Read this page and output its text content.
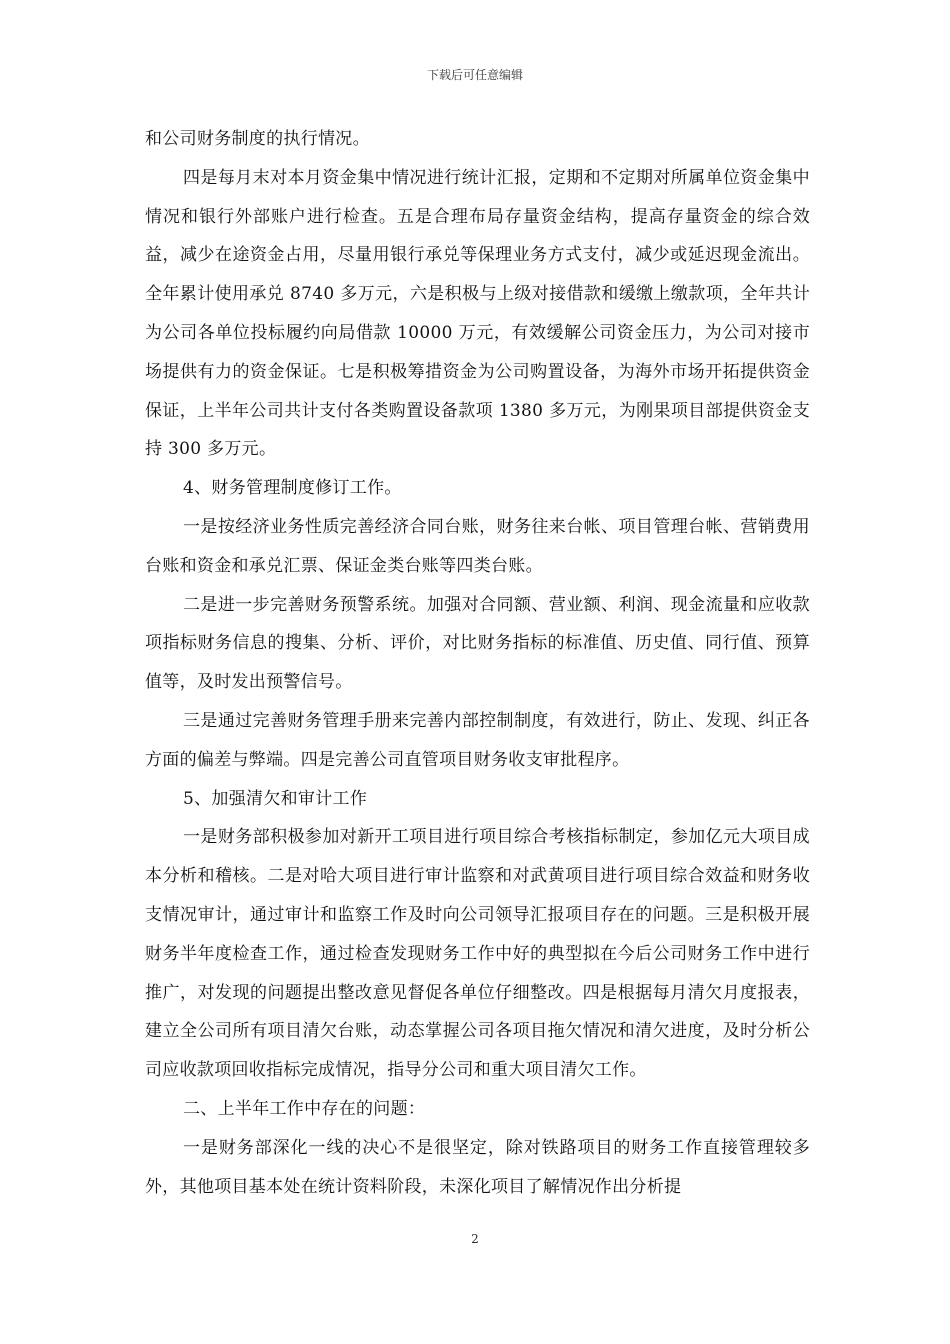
下载后可任意编辑

和公司财务制度的执行情况。

四是每月末对本月资金集中情况进行统计汇报，定期和不定期对所属单位资金集中情况和银行外部账户进行检查。五是合理布局存量资金结构，提高存量资金的综合效益，减少在途资金占用，尽量用银行承兑等保理业务方式支付，减少或延迟现金流出。全年累计使用承兑 8740 多万元，六是积极与上级对接借款和缓缴上缴款项，全年共计为公司各单位投标履约向局借款 10000 万元，有效缓解公司资金压力，为公司对接市场提供有力的资金保证。七是积极筹措资金为公司购置设备，为海外市场开拓提供资金保证，上半年公司共计支付各类购置设备款项 1380 多万元，为刚果项目部提供资金支持 300 多万元。

4、财务管理制度修订工作。

一是按经济业务性质完善经济合同台账，财务往来台帐、项目管理台帐、营销费用台账和资金和承兑汇票、保证金类台账等四类台账。

二是进一步完善财务预警系统。加强对合同额、营业额、利润、现金流量和应收款项指标财务信息的搜集、分析、评价，对比财务指标的标准值、历史值、同行值、预算值等，及时发出预警信号。

三是通过完善财务管理手册来完善内部控制制度，有效进行，防止、发现、纠正各方面的偏差与弊端。四是完善公司直管项目财务收支审批程序。

5、加强清欠和审计工作

一是财务部积极参加对新开工项目进行项目综合考核指标制定，参加亿元大项目成本分析和稽核。二是对哈大项目进行审计监察和对武黄项目进行项目综合效益和财务收支情况审计，通过审计和监察工作及时向公司领导汇报项目存在的问题。三是积极开展财务半年度检查工作，通过检查发现财务工作中好的典型拟在今后公司财务工作中进行推广，对发现的问题提出整改意见督促各单位仔细整改。四是根据每月清欠月度报表，建立全公司所有项目清欠台账，动态掌握公司各项目拖欠情况和清欠进度，及时分析公司应收款项回收指标完成情况，指导分公司和重大项目清欠工作。

二、上半年工作中存在的问题：

一是财务部深化一线的决心不是很坚定，除对铁路项目的财务工作直接管理较多外，其他项目基本处在统计资料阶段，未深化项目了解情况作出分析提

2
